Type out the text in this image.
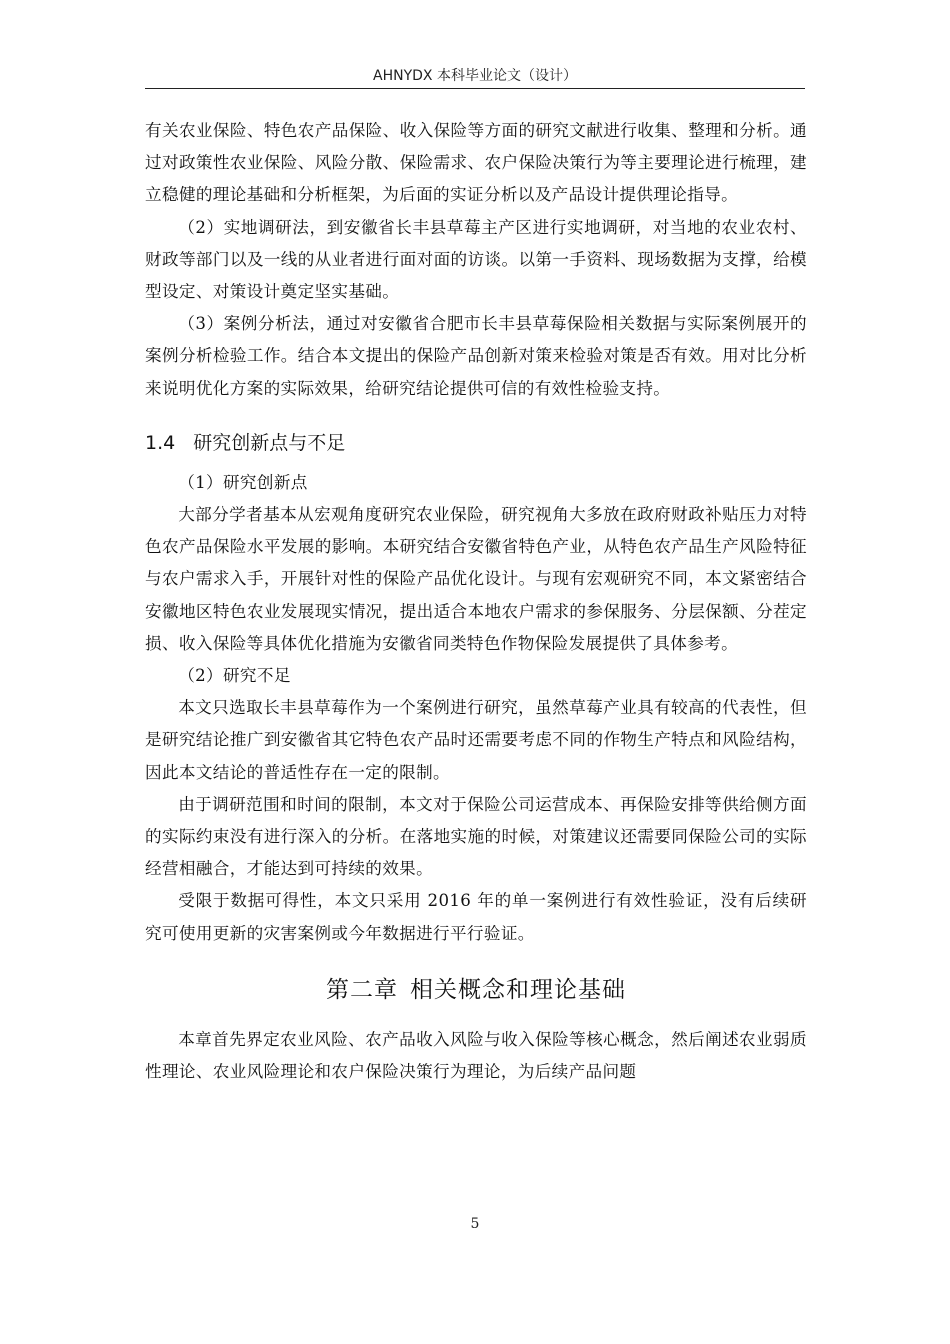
AHNYDX 本科毕业论文（设计）

有关农业保险、特色农产品保险、收入保险等方面的研究文献进行收集、整理和分析。通过对政策性农业保险、风险分散、保险需求、农户保险决策行为等主要理论进行梳理，建立稳健的理论基础和分析框架，为后面的实证分析以及产品设计提供理论指导。

（2）实地调研法，到安徽省长丰县草莓主产区进行实地调研，对当地的农业农村、财政等部门以及一线的从业者进行面对面的访谈。以第一手资料、现场数据为支撑，给模型设定、对策设计奠定坚实基础。

（3）案例分析法，通过对安徽省合肥市长丰县草莓保险相关数据与实际案例展开的案例分析检验工作。结合本文提出的保险产品创新对策来检验对策是否有效。用对比分析来说明优化方案的实际效果，给研究结论提供可信的有效性检验支持。

1.4 研究创新点与不足

（1）研究创新点

大部分学者基本从宏观角度研究农业保险，研究视角大多放在政府财政补贴压力对特色农产品保险水平发展的影响。本研究结合安徽省特色产业，从特色农产品生产风险特征与农户需求入手，开展针对性的保险产品优化设计。与现有宏观研究不同，本文紧密结合安徽地区特色农业发展现实情况，提出适合本地农户需求的参保服务、分层保额、分茬定损、收入保险等具体优化措施为安徽省同类特色作物保险发展提供了具体参考。

（2）研究不足

本文只选取长丰县草莓作为一个案例进行研究，虽然草莓产业具有较高的代表性，但是研究结论推广到安徽省其它特色农产品时还需要考虑不同的作物生产特点和风险结构，因此本文结论的普适性存在一定的限制。

由于调研范围和时间的限制，本文对于保险公司运营成本、再保险安排等供给侧方面的实际约束没有进行深入的分析。在落地实施的时候，对策建议还需要同保险公司的实际经营相融合，才能达到可持续的效果。

受限于数据可得性，本文只采用 2016 年的单一案例进行有效性验证，没有后续研究可使用更新的灾害案例或今年数据进行平行验证。

第二章 相关概念和理论基础

本章首先界定农业风险、农产品收入风险与收入保险等核心概念，然后阐述农业弱质性理论、农业风险理论和农户保险决策行为理论，为后续产品问题

5
